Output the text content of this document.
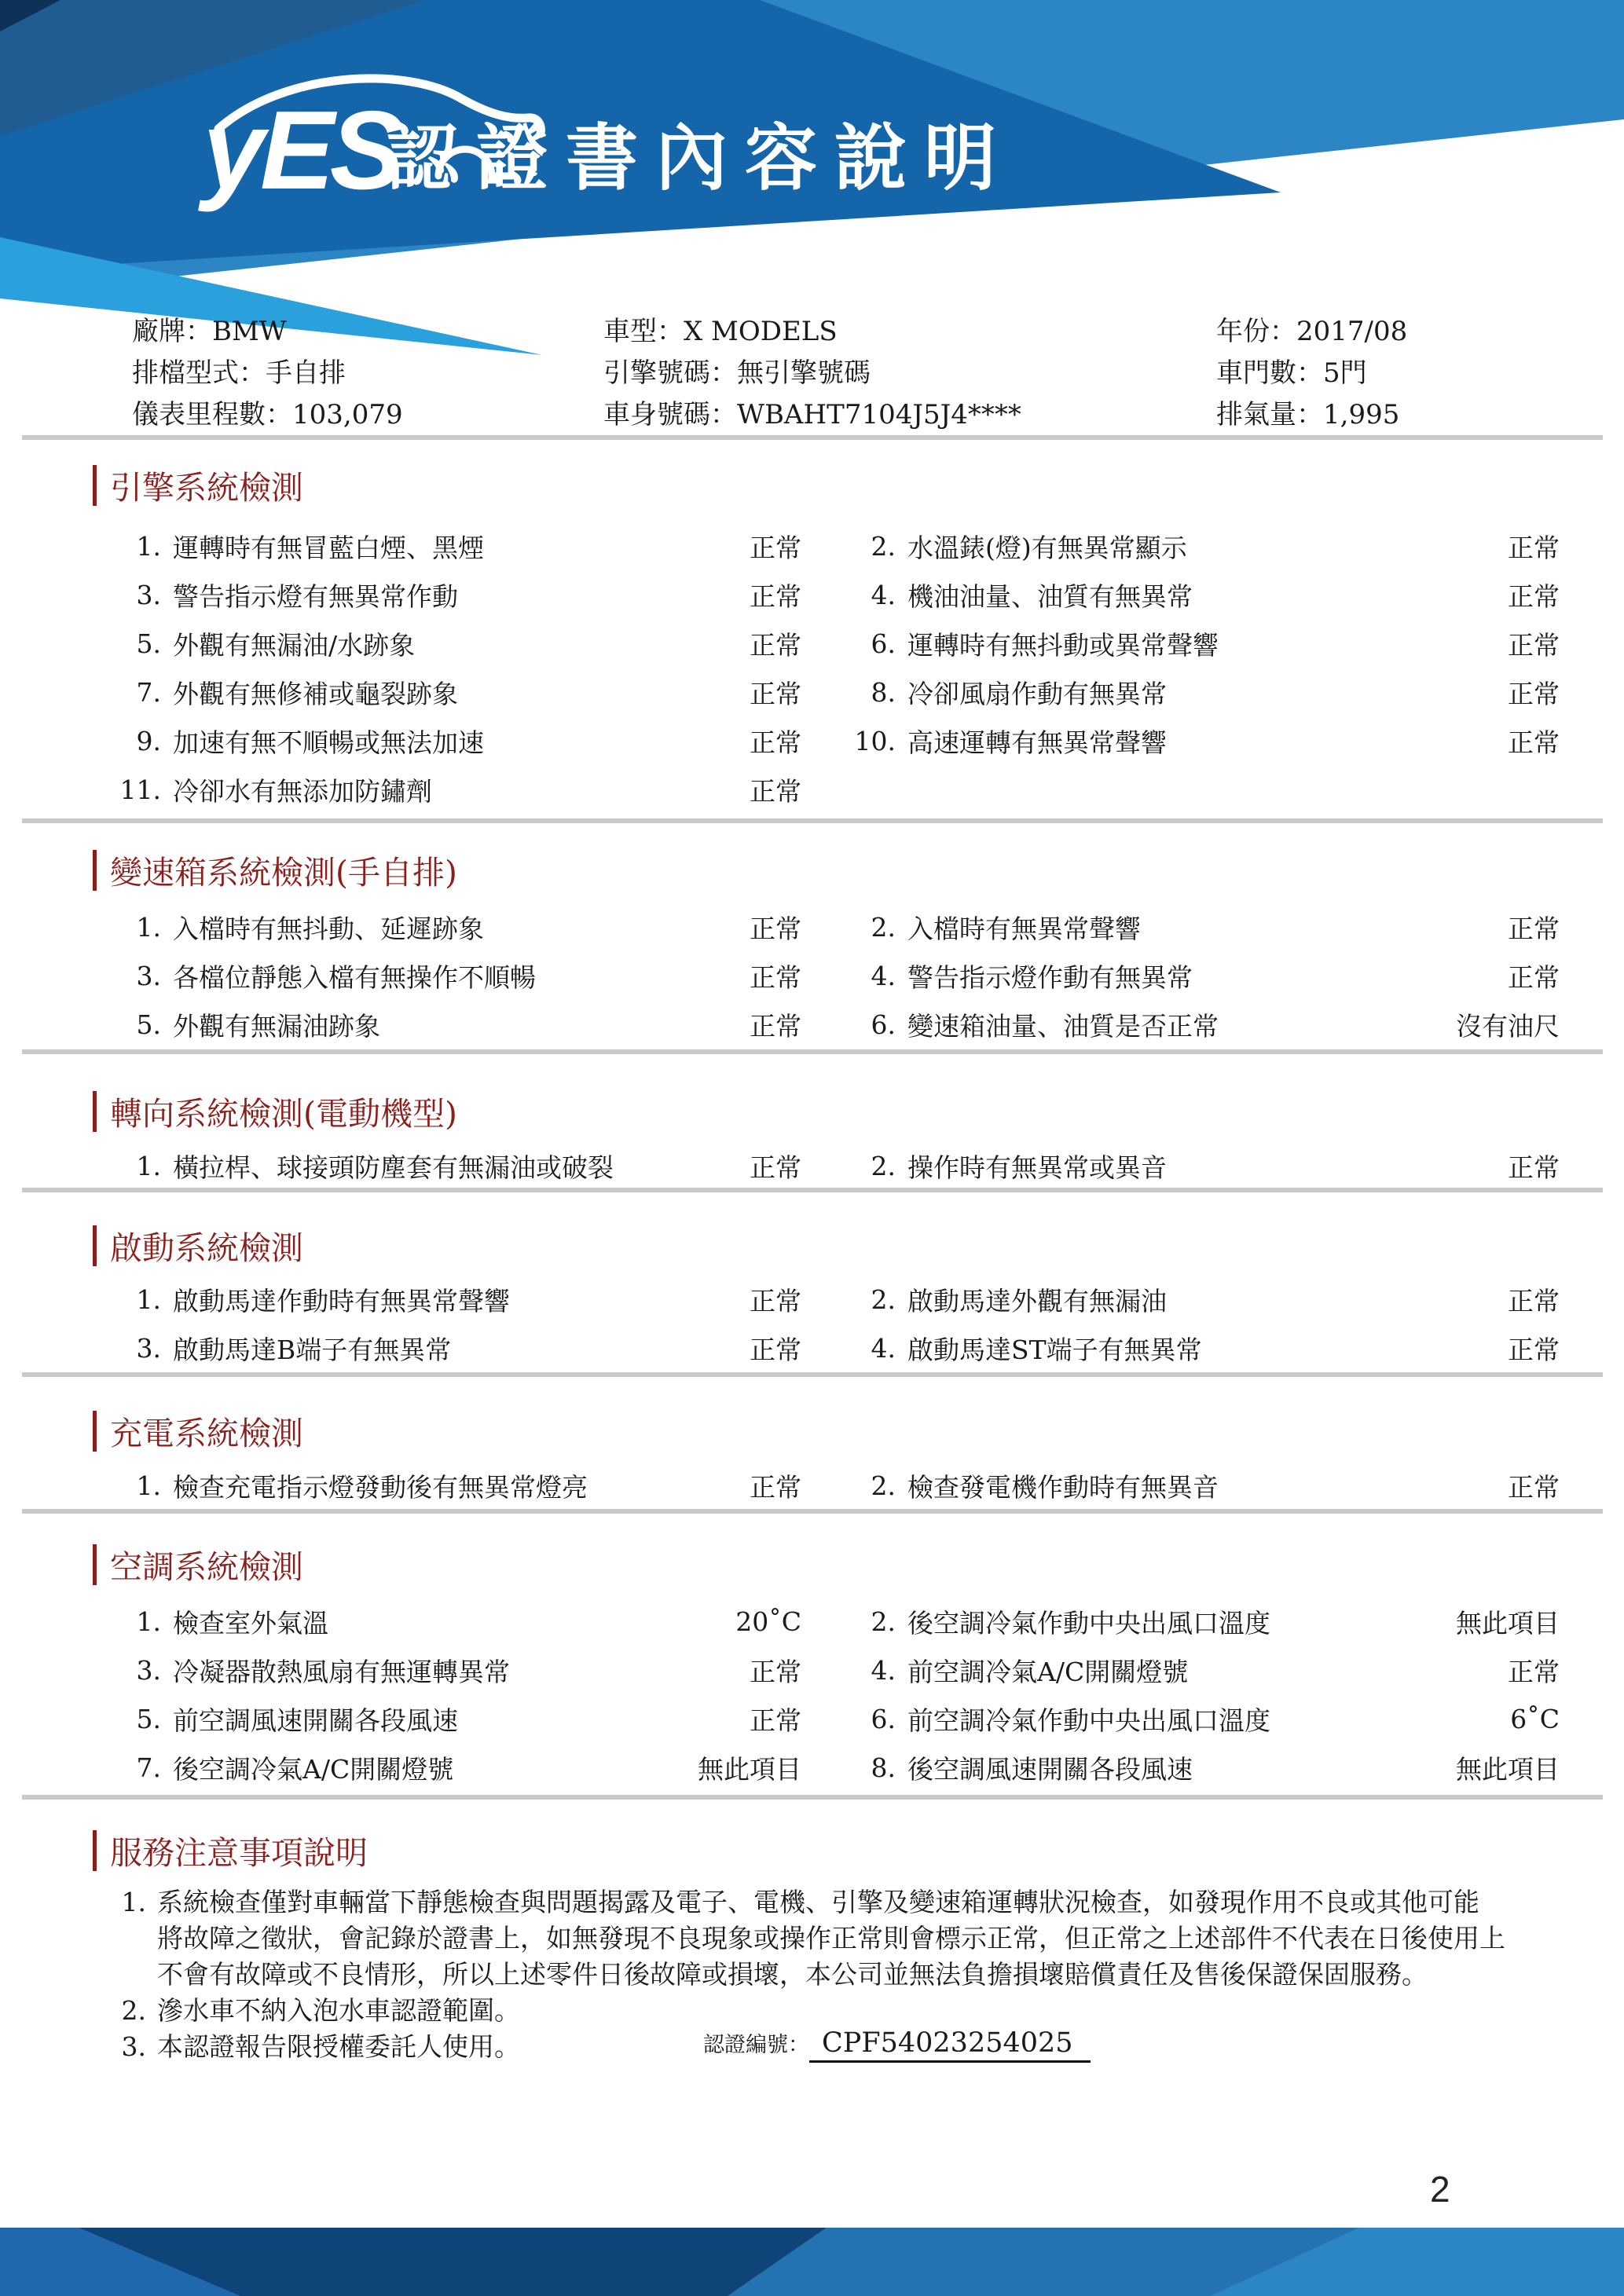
yES
認證書內容說明
廠牌：BMW	車型：X MODELS	年份：2017/08
排檔型式：手自排	引擎號碼：無引擎號碼	車門數：5門
儀表里程數：103,079	車身號碼：WBAHT7104J5J4****	排氣量：1,995
引擎系統檢測
1. 運轉時有無冒藍白煙、黑煙	正常	2. 水溫錶(燈)有無異常顯示	正常
3. 警告指示燈有無異常作動	正常	4. 機油油量、油質有無異常	正常
5. 外觀有無漏油/水跡象	正常	6. 運轉時有無抖動或異常聲響	正常
7. 外觀有無修補或龜裂跡象	正常	8. 冷卻風扇作動有無異常	正常
9. 加速有無不順暢或無法加速	正常	10. 高速運轉有無異常聲響	正常
11. 冷卻水有無添加防鏽劑	正常
變速箱系統檢測(手自排)
1. 入檔時有無抖動、延遲跡象	正常	2. 入檔時有無異常聲響	正常
3. 各檔位靜態入檔有無操作不順暢	正常	4. 警告指示燈作動有無異常	正常
5. 外觀有無漏油跡象	正常	6. 變速箱油量、油質是否正常	沒有油尺
轉向系統檢測(電動機型)
1. 橫拉桿、球接頭防塵套有無漏油或破裂	正常	2. 操作時有無異常或異音	正常
啟動系統檢測
1. 啟動馬達作動時有無異常聲響	正常	2. 啟動馬達外觀有無漏油	正常
3. 啟動馬達B端子有無異常	正常	4. 啟動馬達ST端子有無異常	正常
充電系統檢測
1. 檢查充電指示燈發動後有無異常燈亮	正常	2. 檢查發電機作動時有無異音	正常
空調系統檢測
1. 檢查室外氣溫	20˚C	2. 後空調冷氣作動中央出風口溫度	無此項目
3. 冷凝器散熱風扇有無運轉異常	正常	4. 前空調冷氣A/C開關燈號	正常
5. 前空調風速開關各段風速	正常	6. 前空調冷氣作動中央出風口溫度	6˚C
7. 後空調冷氣A/C開關燈號	無此項目	8. 後空調風速開關各段風速	無此項目
服務注意事項說明
認證編號： CPF54023254025
2
1. 系統檢查僅對車輛當下靜態檢查與問題揭露及電子、電機、引擎及變速箱運轉狀況檢查，如發現作用不良或其他可能
將故障之徵狀，會記錄於證書上，如無發現不良現象或操作正常則會標示正常，但正常之上述部件不代表在日後使用上
不會有故障或不良情形，所以上述零件日後故障或損壞，本公司並無法負擔損壞賠償責任及售後保證保固服務。
2. 滲水車不納入泡水車認證範圍。
3. 本認證報告限授權委託人使用。
